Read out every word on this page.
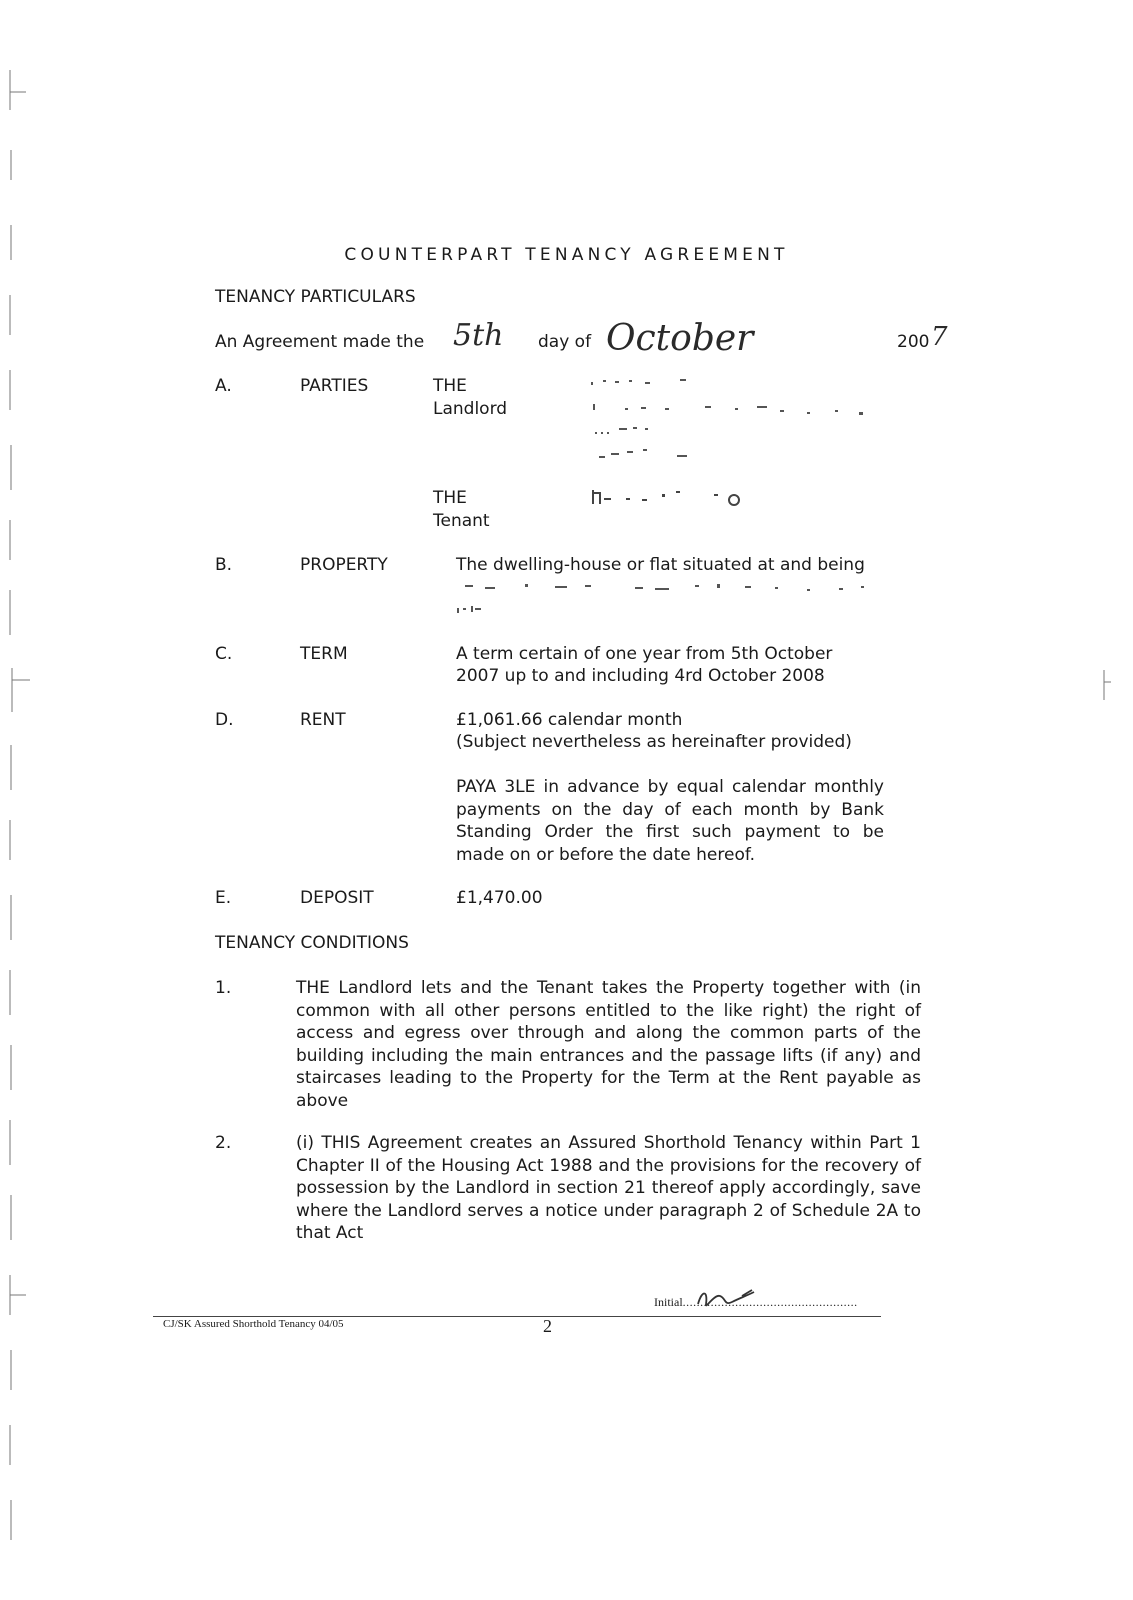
COUNTERPART TENANCY AGREEMENT
TENANCY PARTICULARS
An Agreement made the 5th day of October	200 7
A.	PARTIES	THE
Landlord
THE
Tenant
B.	PROPERTY	The dwelling-house or flat situated at and being
C.	TERM	A term certain of one year from 5th October
2007 up to and including 4rd October 2008
D.	RENT	£1,061.66 calendar month
(Subject nevertheless as hereinafter provided)
PAYA 3LE in advance by equal calendar monthly payments on the day of each month by Bank Standing Order the first such payment to be made on or before the date hereof.
E.	DEPOSIT	£1,470.00
TENANCY CONDITIONS
1.	THE Landlord lets and the Tenant takes the Property together with (in common with all other persons entitled to the like right) the right of access and egress over through and along the common parts of the building including the main entrances and the passage lifts (if any) and staircases leading to the Property for the Term at the Rent payable as above
2.	(i) THIS Agreement creates an Assured Shorthold Tenancy within Part 1 Chapter II of the Housing Act 1988 and the provisions for the recovery of possession by the Landlord in section 21 thereof apply accordingly, save where the Landlord serves a notice under paragraph 2 of Schedule 2A to that Act
Initial..................................................
CJ/SK Assured Shorthold Tenancy 04/05	2
